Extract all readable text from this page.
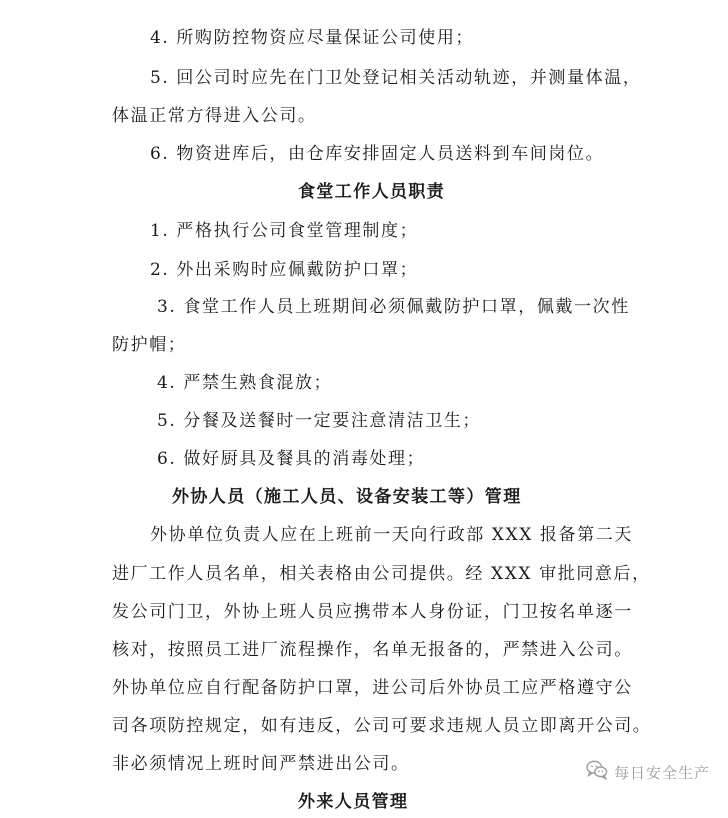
4. 所购防控物资应尽量保证公司使用；
5. 回公司时应先在门卫处登记相关活动轨迹，并测量体温，
体温正常方得进入公司。
6. 物资进库后，由仓库安排固定人员送料到车间岗位。
食堂工作人员职责
1. 严格执行公司食堂管理制度；
2. 外出采购时应佩戴防护口罩；
3. 食堂工作人员上班期间必须佩戴防护口罩，佩戴一次性
防护帽；
4. 严禁生熟食混放；
5. 分餐及送餐时一定要注意清洁卫生；
6. 做好厨具及餐具的消毒处理；
外协人员（施工人员、设备安装工等）管理
外协单位负责人应在上班前一天向行政部 XXX 报备第二天
进厂工作人员名单，相关表格由公司提供。经 XXX 审批同意后，
发公司门卫，外协上班人员应携带本人身份证，门卫按名单逐一
核对，按照员工进厂流程操作，名单无报备的，严禁进入公司。
外协单位应自行配备防护口罩，进公司后外协员工应严格遵守公
司各项防控规定，如有违反，公司可要求违规人员立即离开公司。
非必须情况上班时间严禁进出公司。
外来人员管理
每日安全生产
